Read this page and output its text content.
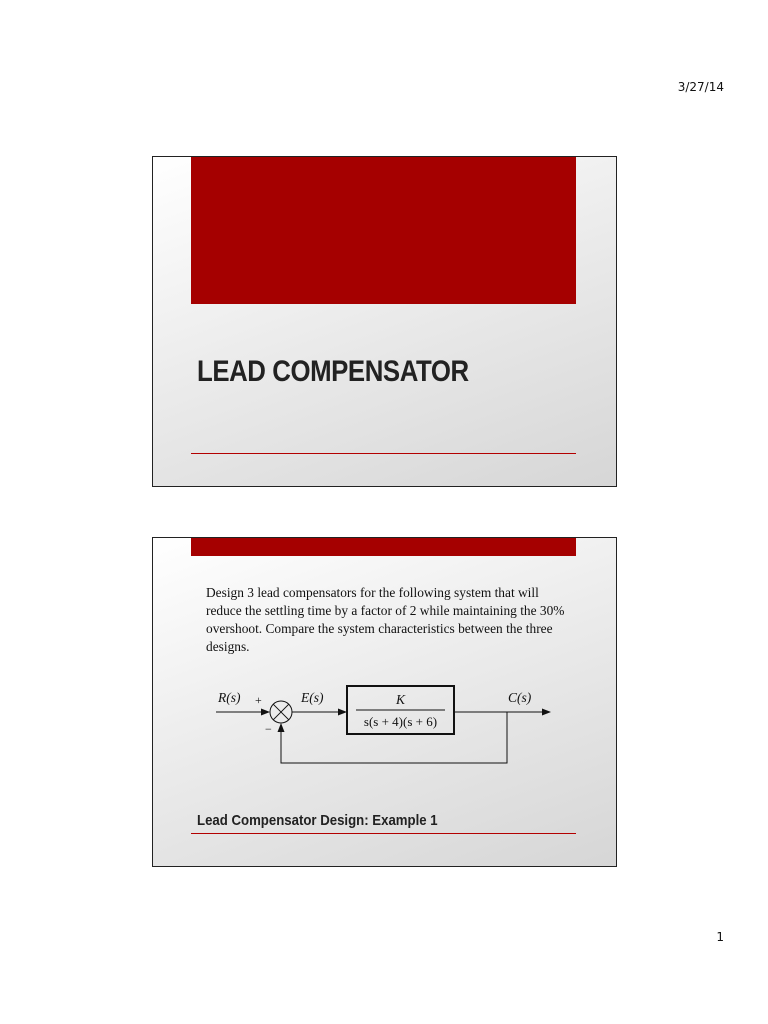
3/27/14
LEAD COMPENSATOR
Design 3 lead compensators for the following system that will reduce the settling time by a factor of 2 while maintaining the 30% overshoot. Compare the system characteristics between the three designs.
R(s) +
−
E(s)	K
s(s + 4)(s + 6)
C(s)
Lead Compensator Design: Example 1
1
